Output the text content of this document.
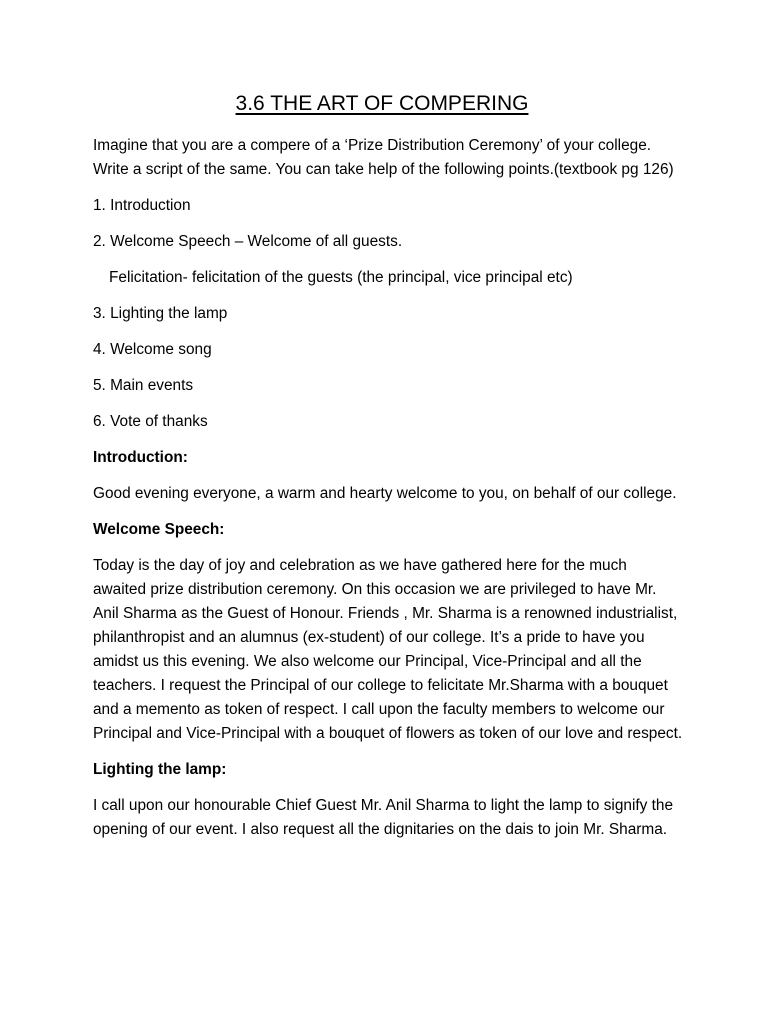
3.6 THE ART OF COMPERING

Imagine that you are a compere of a ‘Prize Distribution Ceremony’ of your college. Write a script of the same. You can take help of the following points.(textbook pg 126)

1. Introduction

2. Welcome Speech – Welcome of all guests.

Felicitation- felicitation of the guests (the principal, vice principal etc)

3. Lighting the lamp

4. Welcome song

5. Main events

6. Vote of thanks

Introduction:

Good evening everyone, a warm and hearty welcome to you, on behalf of our college.

Welcome Speech:

Today is the day of joy and celebration as we have gathered here for the much awaited prize distribution ceremony. On this occasion we are privileged to have Mr. Anil Sharma as the Guest of Honour. Friends , Mr. Sharma is a renowned industrialist, philanthropist and an alumnus (ex-student) of our college. It’s a pride to have you amidst us this evening. We also welcome our Principal, Vice-Principal and all the teachers. I request the Principal of our college to felicitate Mr.Sharma with a bouquet and a memento as token of respect. I call upon the faculty members to welcome our Principal and Vice-Principal with a bouquet of flowers as token of our love and respect.

Lighting the lamp:

I call upon our honourable Chief Guest Mr. Anil Sharma to light the lamp to signify the opening of our event. I also request all the dignitaries on the dais to join Mr. Sharma.
